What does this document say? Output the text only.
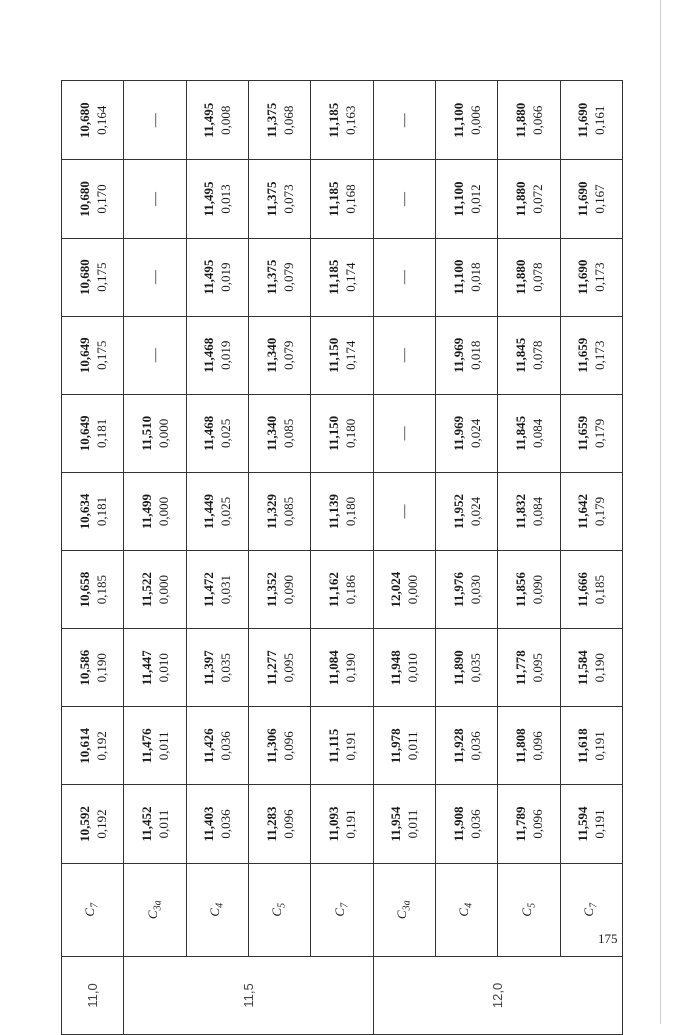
11,0	$C_7$	10,592 0,192	10,614 0,192	10,586 0,190	10,658 0,185	10,634 0,181	10,649 0,181	10,649 0,175	10,680 0,175	10,680 0,170	10,680 0,164

11,5	$C_{3a}$	11,452 0,011	11,476 0,011	11,447 0,010	11,522 0,000	11,499 0,000	11,510 0,000	—	—	—	—
	$C_4$	11,403 0,036	11,426 0,036	11,397 0,035	11,472 0,031	11,449 0,025	11,468 0,025	11,468 0,019	11,495 0,019	11,495 0,013	11,495 0,008

	$C_5$	11,283 0,096	11,306 0,096	11,277 0,095	11,352 0,090	11,329 0,085	11,340 0,085	11,340 0,079	11,375 0,079	11,375 0,073	11,375 0,068

	$C_7$	11,093 0,191	11,115 0,191	11,084 0,190	11,162 0,186	11,139 0,180	11,150 0,180	11,150 0,174	11,185 0,174	11,185 0,168	11,185 0,163

12,0	$C_{3a}$	11,954 0,011	11,978 0,011	11,948 0,010	12,024 0,000	—	—	—	—	—	—
	$C_4$	11,908 0,036	11,928 0,036	11,890 0,035	11,976 0,030	11,952 0,024	11,969 0,024	11,969 0,018	11,100 0,018	11,100 0,012	11,100 0,006

	$C_5$	11,789 0,096	11,808 0,096	11,778 0,095	11,856 0,090	11,832 0,084	11,845 0,084	11,845 0,078	11,880 0,078	11,880 0,072	11,880 0,066

	$C_7$	11,594 0,191	11,618 0,191	11,584 0,190	11,666 0,185	11,642 0,179	11,659 0,179	11,659 0,173	11,690 0,173	11,690 0,167	11,690 0,161
175
